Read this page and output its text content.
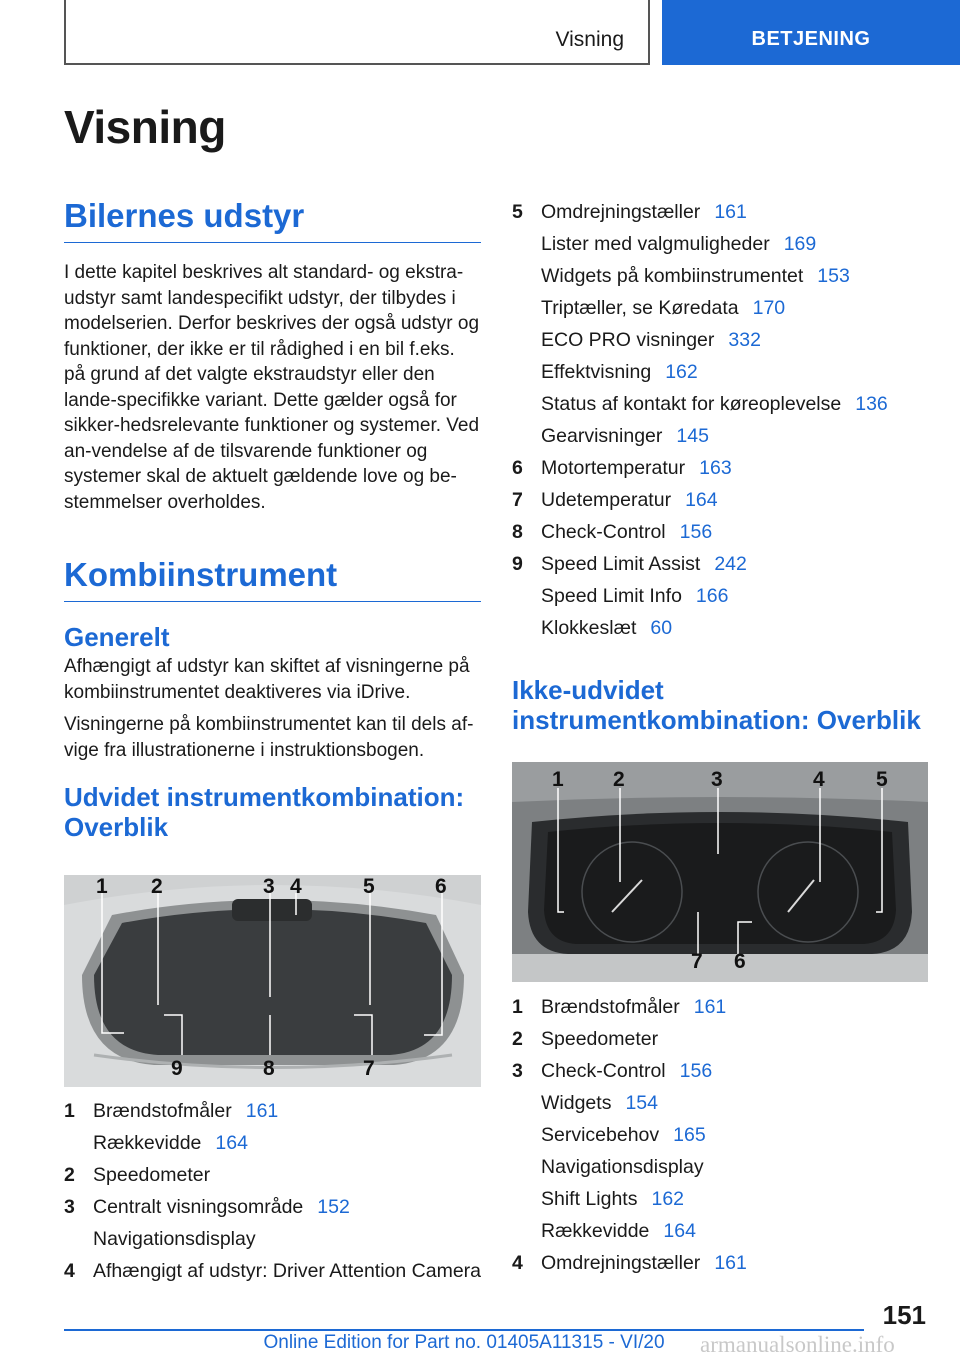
Visning	BETJENING
Visning
Bilernes udstyr

I dette kapitel beskrives alt standard- og ekstra-udstyr samt landespecifikt udstyr, der tilbydes i modelserien. Derfor beskrives der også udstyr og funktioner, der ikke er til rådighed i en bil f.eks. på grund af det valgte ekstraudstyr eller den lande-specifikke variant. Dette gælder også for sikker-hedsrelevante funktioner og systemer. Ved an-vendelse af de tilsvarende funktioner og systemer skal de aktuelt gældende love og be-stemmelser overholdes.

Kombiinstrument
Generelt

Afhængigt af udstyr kan skiftet af visningerne på kombiinstrumentet deaktiveres via iDrive.

Visningerne på kombiinstrumentet kan til dels af-vige fra illustrationerne i instruktionsbogen.

Udvidet instrumentkombination: Overblik
1 2	3 4	5	6
9	8	7
1 Brændstofmåler 161
Rækkevidde 164
2 Speedometer
3 Centralt visningsområde 152
Navigationsdisplay
4 Afhængigt af udstyr: Driver Attention Camera
5 Omdrejningstæller 161
Lister med valgmuligheder 169
Widgets på kombiinstrumentet 153
Triptæller, se Køredata 170
ECO PRO visninger 332
Effektvisning 162
Status af kontakt for køreoplevelse 136
Gearvisninger 145
6 Motortemperatur 163
7 Udetemperatur 164
8 Check-Control 156
9 Speed Limit Assist 242
Speed Limit Info 166
Klokkeslæt 60
Ikke-udvidet instrumentkombination: Overblik
1 2	3	4 5
7 6
1 Brændstofmåler 161
2 Speedometer
3 Check-Control 156
Widgets 154
Servicebehov 165
Navigationsdisplay
Shift Lights 162
Rækkevidde 164
4 Omdrejningstæller 161
151
Online Edition for Part no. 01405A11315 - VI/20	armanualsonline.info
